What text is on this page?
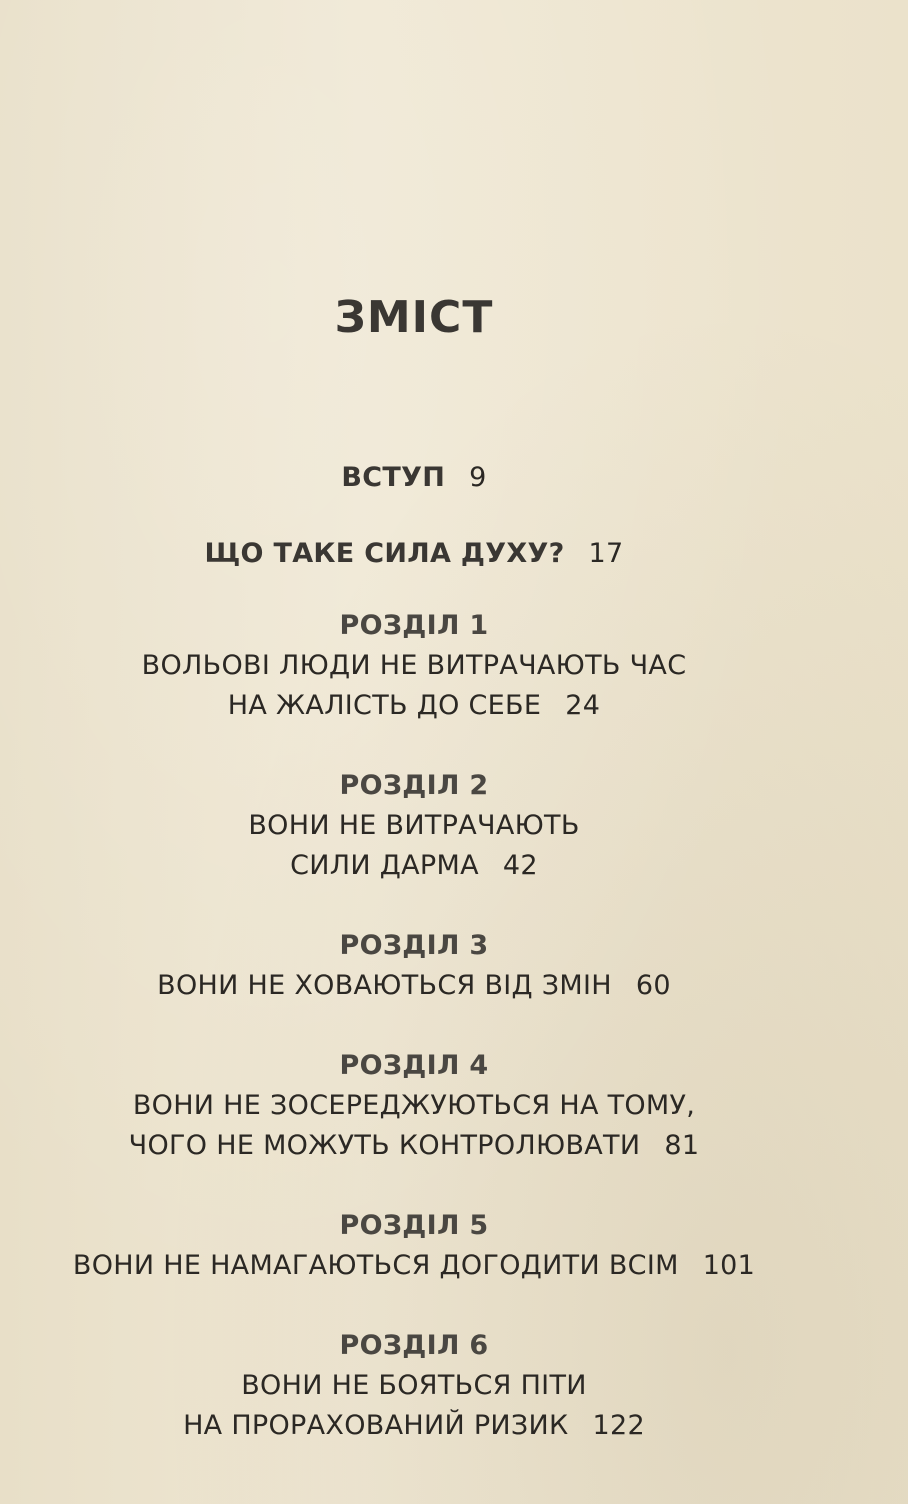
ЗМІСТ
ВСТУП 9
ЩО ТАКЕ СИЛА ДУХУ? 17
РОЗДІЛ 1
ВОЛЬОВІ ЛЮДИ НЕ ВИТРАЧАЮТЬ ЧАС
НА ЖАЛІСТЬ ДО СЕБЕ 24
РОЗДІЛ 2
ВОНИ НЕ ВИТРАЧАЮТЬ
СИЛИ ДАРМА 42
РОЗДІЛ 3
ВОНИ НЕ ХОВАЮТЬСЯ ВІД ЗМІН 60
РОЗДІЛ 4
ВОНИ НЕ ЗОСЕРЕДЖУЮТЬСЯ НА ТОМУ,
ЧОГО НЕ МОЖУТЬ КОНТРОЛЮВАТИ 81
РОЗДІЛ 5
ВОНИ НЕ НАМАГАЮТЬСЯ ДОГОДИТИ ВСІМ 101
РОЗДІЛ 6
ВОНИ НЕ БОЯТЬСЯ ПІТИ
НА ПРОРАХОВАНИЙ РИЗИК 122
